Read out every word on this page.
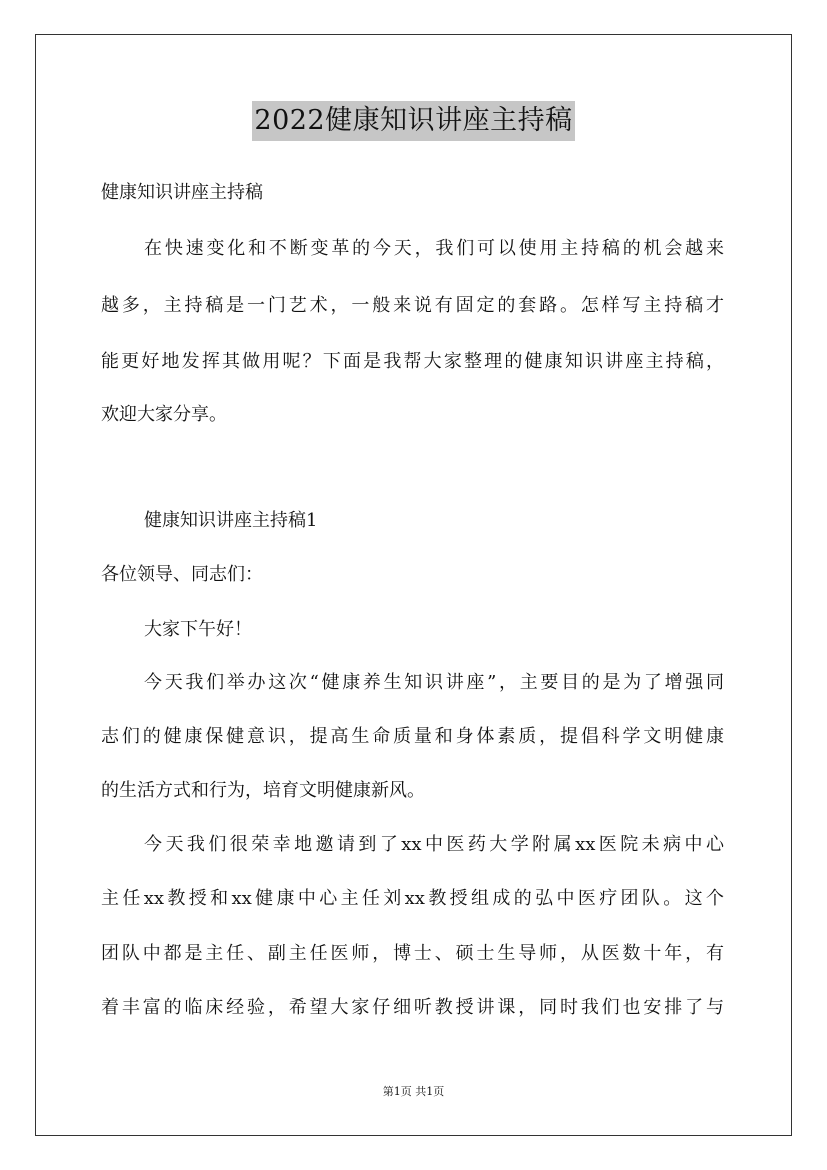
2022健康知识讲座主持稿
健康知识讲座主持稿
在快速变化和不断变革的今天，我们可以使用主持稿的机会越来
越多，主持稿是一门艺术，一般来说有固定的套路。怎样写主持稿才
能更好地发挥其做用呢？下面是我帮大家整理的健康知识讲座主持稿，
欢迎大家分享。
健康知识讲座主持稿1
各位领导、同志们：
大家下午好！
今天我们举办这次“健康养生知识讲座”，主要目的是为了增强同
志们的健康保健意识，提高生命质量和身体素质，提倡科学文明健康
的生活方式和行为，培育文明健康新风。
今天我们很荣幸地邀请到了xx中医药大学附属xx医院未病中心
主任xx教授和xx健康中心主任刘xx教授组成的弘中医疗团队。这个
团队中都是主任、副主任医师，博士、硕士生导师，从医数十年，有
着丰富的临床经验，希望大家仔细听教授讲课，同时我们也安排了与
第1页 共1页
